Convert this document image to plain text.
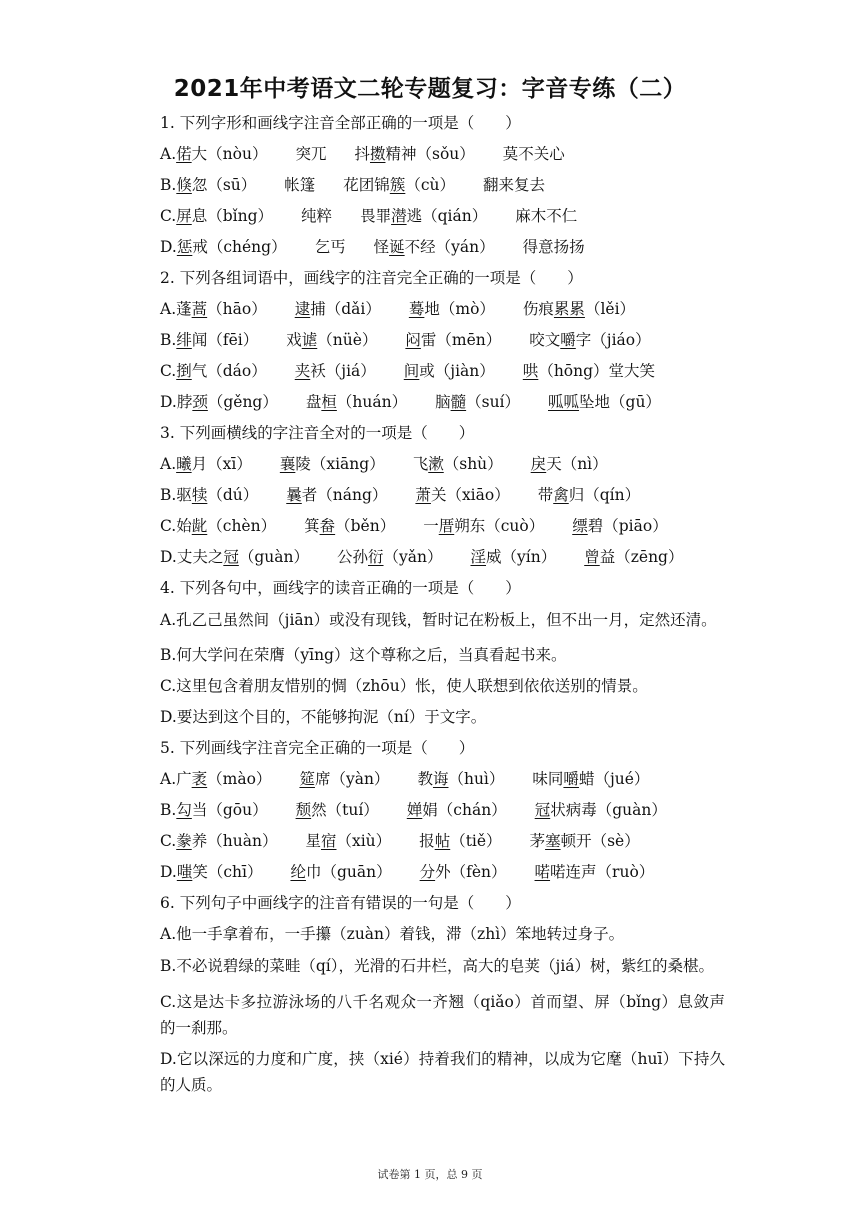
2021年中考语文二轮专题复习：字音专练（二）
1. 下列字形和画线字注音全部正确的一项是（　　）
A.偌大（nòu） 突兀 抖擞精神（sǒu） 莫不关心
B.倏忽（sū） 帐篷 花团锦簇（cù） 翻来复去
C.屏息（bǐng） 纯粹 畏罪潜逃（qián） 麻木不仁
D.惩戒（chéng） 乞丐 怪诞不经（yán） 得意扬扬
2. 下列各组词语中，画线字的注音完全正确的一项是（　　）
A.蓬蒿（hāo） 逮捕（dǎi） 蓦地（mò） 伤痕累累（lěi）
B.绯闻（fēi） 戏谑（nüè） 闷雷（mēn） 咬文嚼字（jiáo）
C.捯气（dáo） 夹袄（jiá） 间或（jiàn） 哄（hōng）堂大笑
D.脖颈（gěng） 盘桓（huán） 脑髓（suí） 呱呱坠地（gū）
3. 下列画横线的字注音全对的一项是（　　）
A.曦月（xī） 襄陵（xiāng） 飞漱（shù） 戾天（nì）
B.驱犊（dú） 曩者（náng） 萧关（xiāo） 带禽归（qín）
C.始龀（chèn） 箕畚（běn） 一厝朔东（cuò） 缥碧（piāo）
D.丈夫之冠（guàn） 公孙衍（yǎn） 淫威（yín） 曾益（zēng）
4. 下列各句中，画线字的读音正确的一项是（　　）
A.孔乙己虽然间（jiān）或没有现钱，暂时记在粉板上，但不出一月，定然还清。
B.何大学问在荣膺（yīng）这个尊称之后，当真看起书来。
C.这里包含着朋友惜别的惆（zhōu）怅，使人联想到依依送别的情景。
D.要达到这个目的，不能够拘泥（ní）于文字。
5. 下列画线字注音完全正确的一项是（　　）
A.广袤（mào） 筵席（yàn） 教诲（huì） 味同嚼蜡（jué）
B.勾当（gōu） 颓然（tuí） 婵娟（chán） 冠状病毒（guàn）
C.豢养（huàn） 星宿（xiù） 报帖（tiě） 茅塞顿开（sè）
D.嗤笑（chī） 纶巾（guān） 分外（fèn） 喏喏连声（ruò）
6. 下列句子中画线字的注音有错误的一句是（　　）
A.他一手拿着布，一手攥（zuàn）着钱，滞（zhì）笨地转过身子。
B.不必说碧绿的菜畦（qí），光滑的石井栏，高大的皂荚（jiá）树，紫红的桑椹。
C.这是达卡多拉游泳场的八千名观众一齐翘（qiǎo）首而望、屏（bǐng）息敛声的一刹那。
D.它以深远的力度和广度，挟（xié）持着我们的精神，以成为它麾（huī）下持久的人质。
试卷第 1 页，总 9 页
